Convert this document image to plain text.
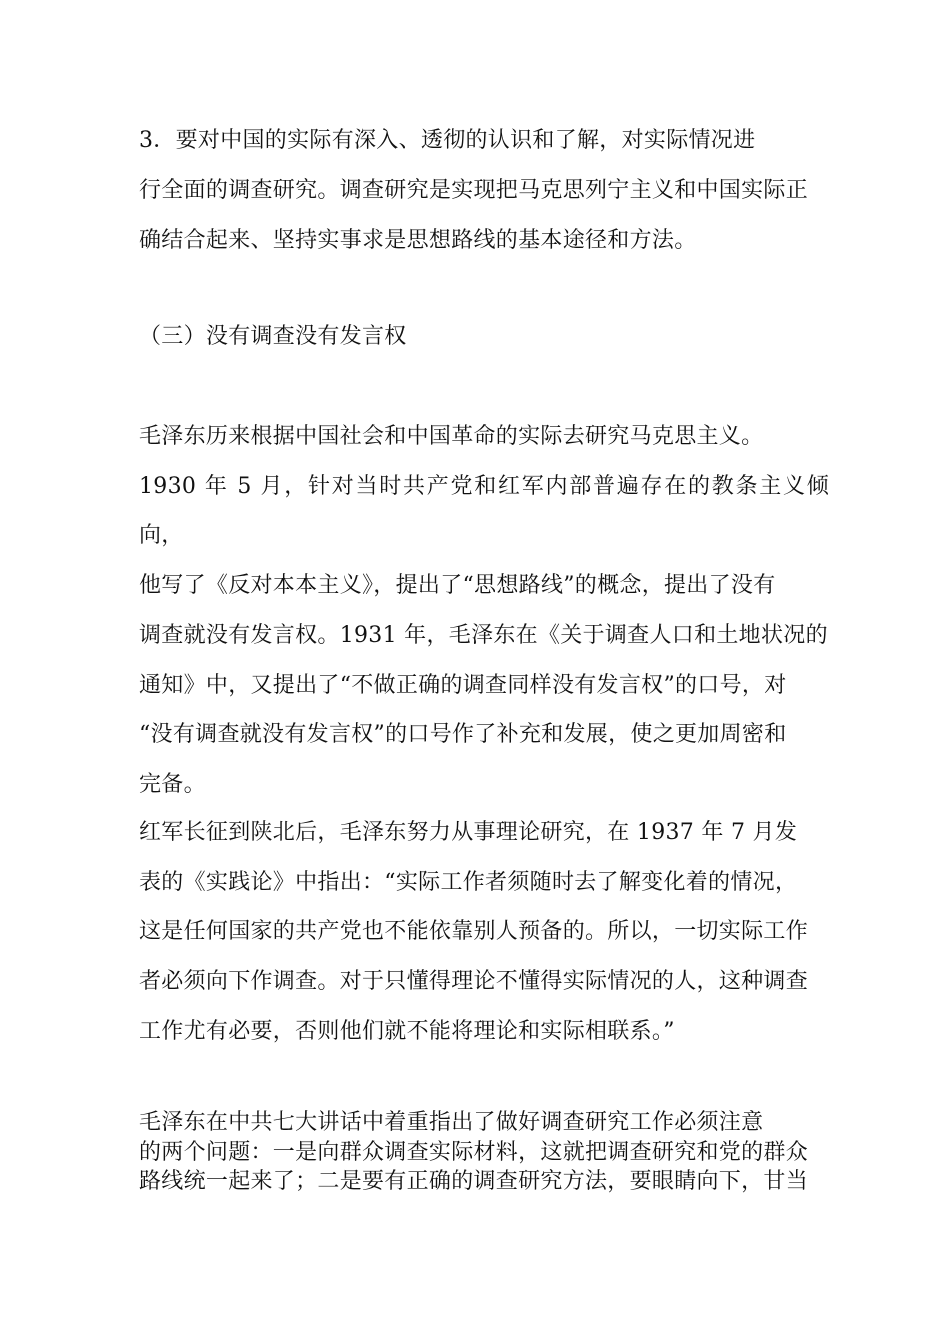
3．要对中国的实际有深入、透彻的认识和了解，对实际情况进
行全面的调查研究。调查研究是实现把马克思列宁主义和中国实际正
确结合起来、坚持实事求是思想路线的基本途径和方法。

（三）没有调查没有发言权

毛泽东历来根据中国社会和中国革命的实际去研究马克思主义。
1930 年 5 月，针对当时共产党和红军内部普遍存在的教条主义倾向，
他写了《反对本本主义》，提出了“思想路线”的概念，提出了没有
调查就没有发言权。1931 年，毛泽东在《关于调查人口和土地状况的
通知》中，又提出了“不做正确的调查同样没有发言权”的口号，对
“没有调查就没有发言权”的口号作了补充和发展，使之更加周密和
完备。

红军长征到陕北后，毛泽东努力从事理论研究，在 1937 年 7 月发
表的《实践论》中指出：“实际工作者须随时去了解变化着的情况，
这是任何国家的共产党也不能依靠别人预备的。所以，一切实际工作
者必须向下作调查。对于只懂得理论不懂得实际情况的人，这种调查
工作尤有必要，否则他们就不能将理论和实际相联系。”

毛泽东在中共七大讲话中着重指出了做好调查研究工作必须注意
的两个问题：一是向群众调查实际材料，这就把调查研究和党的群众
路线统一起来了；二是要有正确的调查研究方法，要眼睛向下，甘当
